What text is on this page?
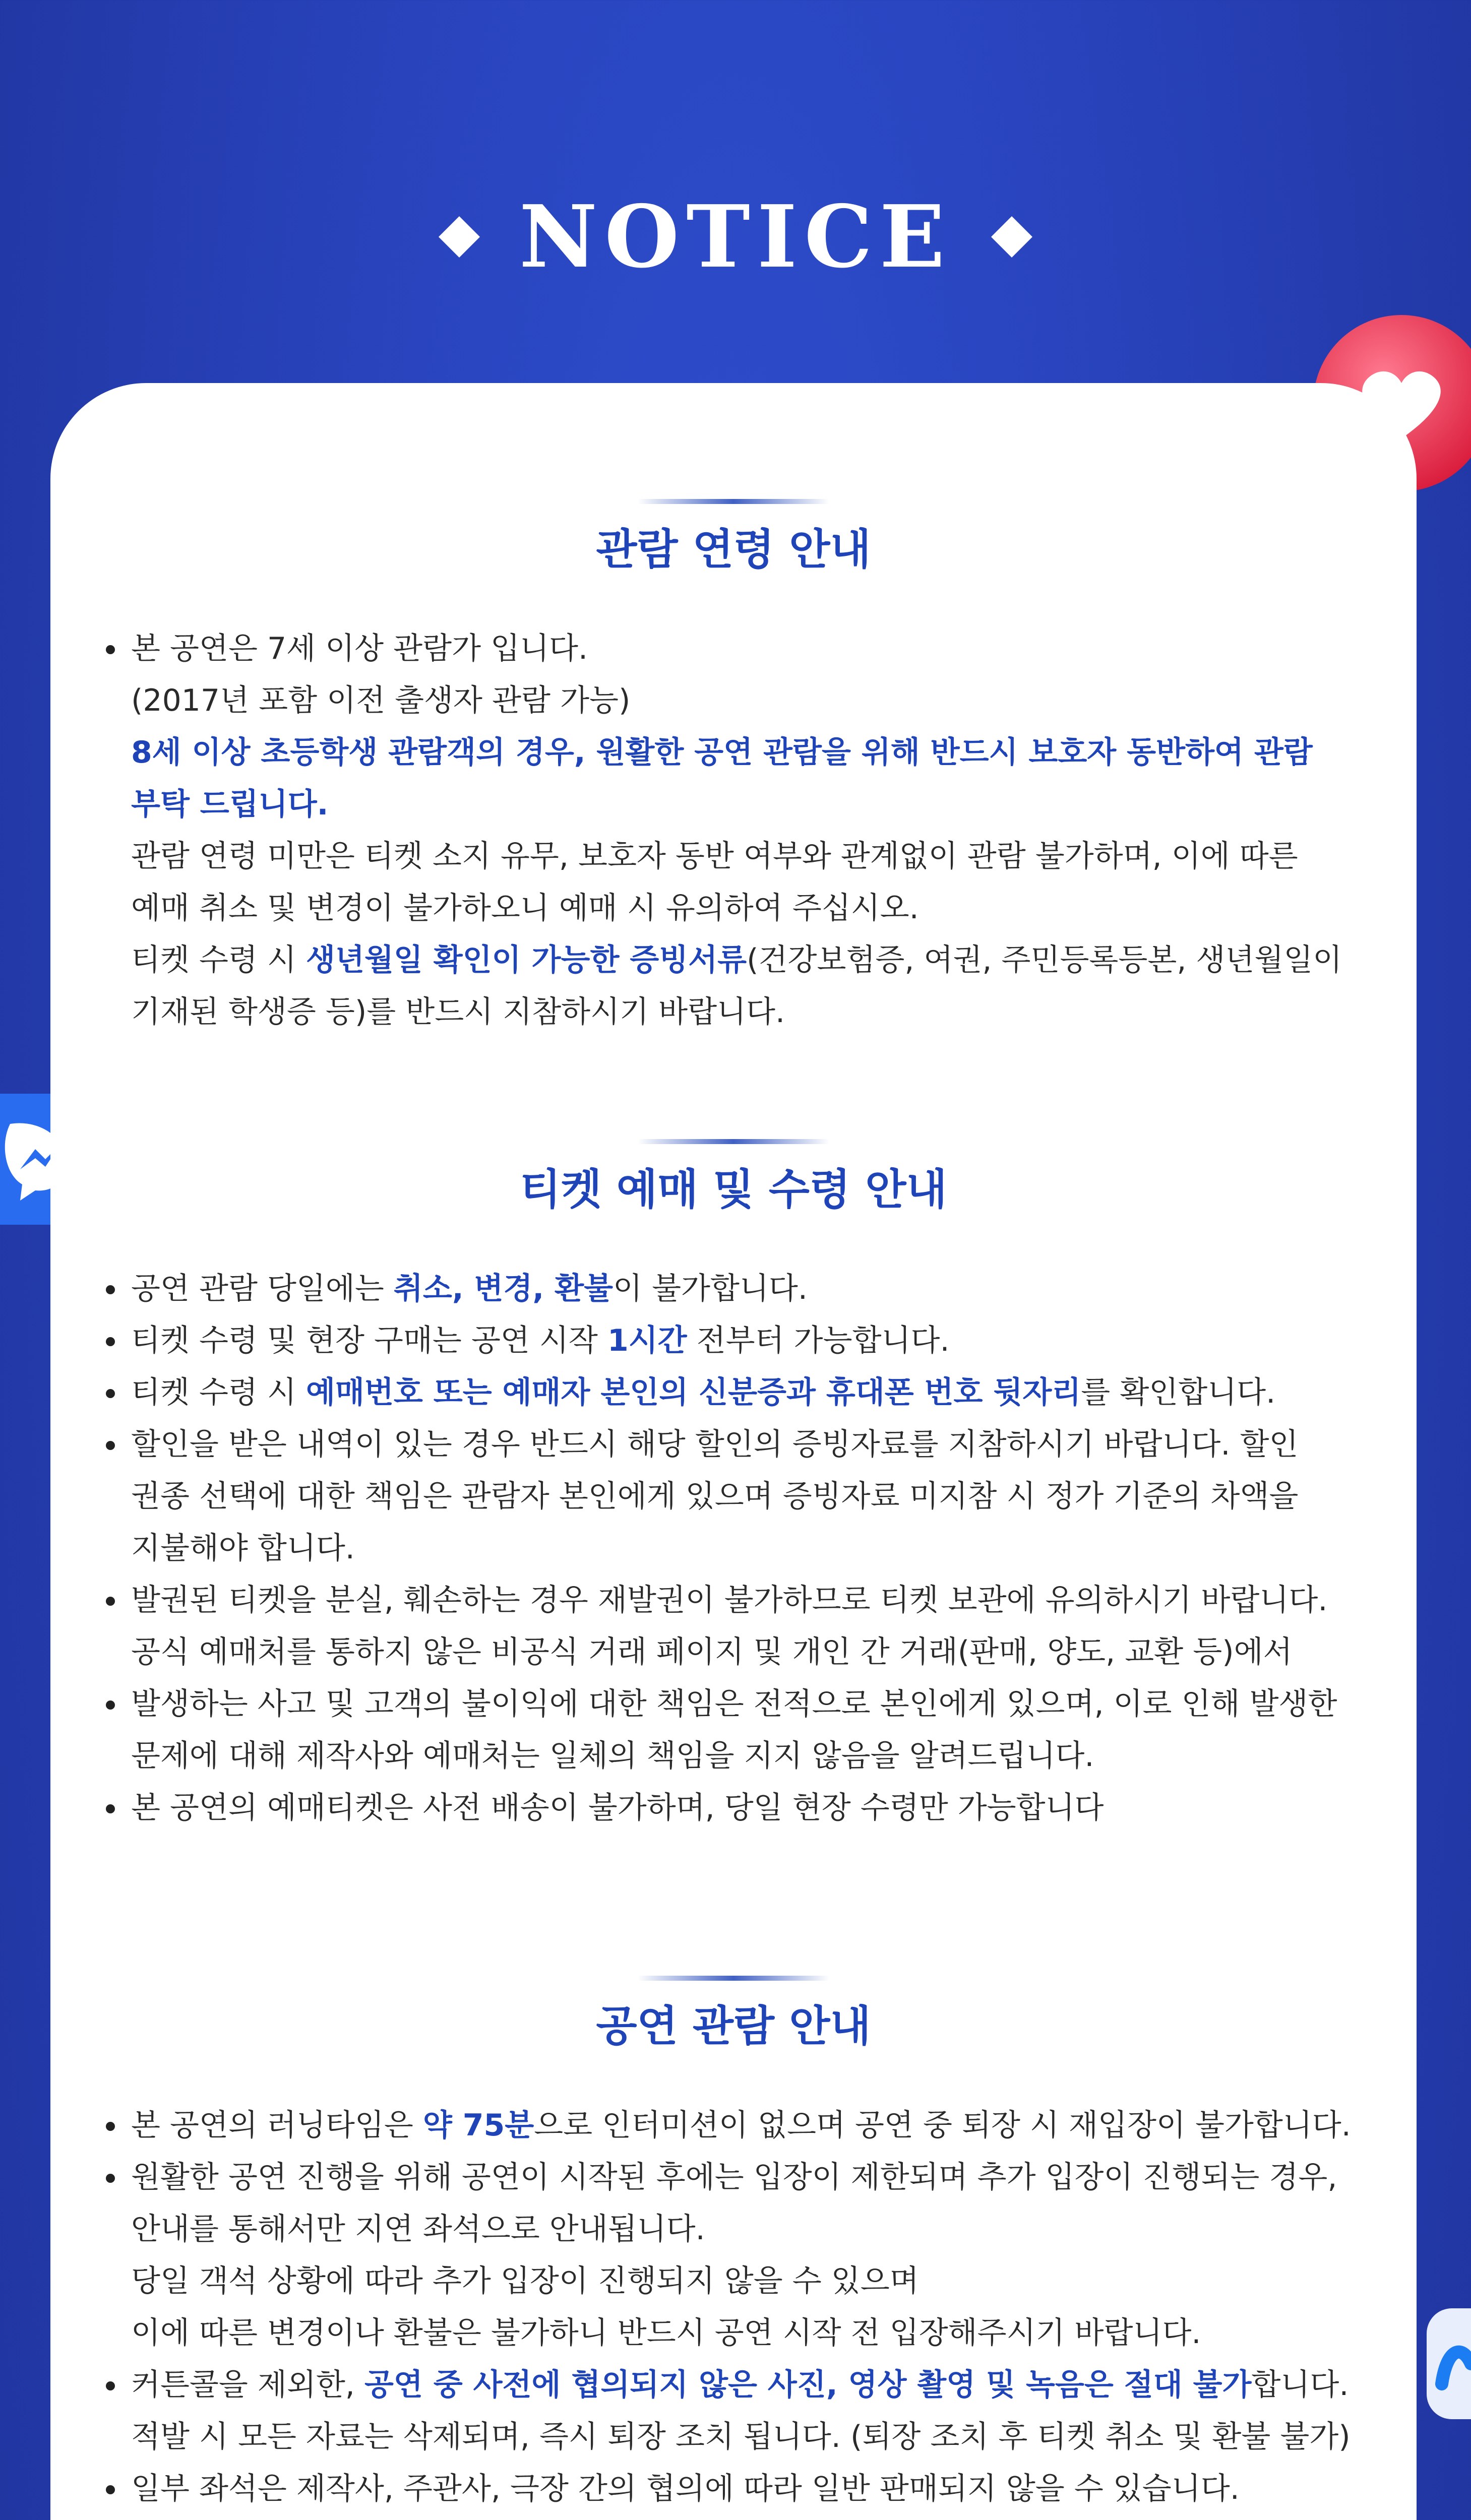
NOTICE
관람 연령 안내
본 공연은 7세 이상 관람가 입니다.
(2017년 포함 이전 출생자 관람 가능)
8세 이상 초등학생 관람객의 경우, 원활한 공연 관람을 위해 반드시 보호자 동반하여 관람
부탁 드립니다.
관람 연령 미만은 티켓 소지 유무, 보호자 동반 여부와 관계없이 관람 불가하며, 이에 따른
예매 취소 및 변경이 불가하오니 예매 시 유의하여 주십시오.
티켓 수령 시 생년월일 확인이 가능한 증빙서류(건강보험증, 여권, 주민등록등본, 생년월일이
기재된 학생증 등)를 반드시 지참하시기 바랍니다.
티켓 예매 및 수령 안내
공연 관람 당일에는 취소, 변경, 환불이 불가합니다.
티켓 수령 및 현장 구매는 공연 시작 1시간 전부터 가능합니다.
티켓 수령 시 예매번호 또는 예매자 본인의 신분증과 휴대폰 번호 뒷자리를 확인합니다.
할인을 받은 내역이 있는 경우 반드시 해당 할인의 증빙자료를 지참하시기 바랍니다. 할인
권종 선택에 대한 책임은 관람자 본인에게 있으며 증빙자료 미지참 시 정가 기준의 차액을
지불해야 합니다.
발권된 티켓을 분실, 훼손하는 경우 재발권이 불가하므로 티켓 보관에 유의하시기 바랍니다.
공식 예매처를 통하지 않은 비공식 거래 페이지 및 개인 간 거래(판매, 양도, 교환 등)에서
발생하는 사고 및 고객의 불이익에 대한 책임은 전적으로 본인에게 있으며, 이로 인해 발생한
문제에 대해 제작사와 예매처는 일체의 책임을 지지 않음을 알려드립니다.
본 공연의 예매티켓은 사전 배송이 불가하며, 당일 현장 수령만 가능합니다
공연 관람 안내
본 공연의 러닝타임은 약 75분으로 인터미션이 없으며 공연 중 퇴장 시 재입장이 불가합니다.
원활한 공연 진행을 위해 공연이 시작된 후에는 입장이 제한되며 추가 입장이 진행되는 경우,
안내를 통해서만 지연 좌석으로 안내됩니다.
당일 객석 상황에 따라 추가 입장이 진행되지 않을 수 있으며
이에 따른 변경이나 환불은 불가하니 반드시 공연 시작 전 입장해주시기 바랍니다.
커튼콜을 제외한, 공연 중 사전에 협의되지 않은 사진, 영상 촬영 및 녹음은 절대 불가합니다.
적발 시 모든 자료는 삭제되며, 즉시 퇴장 조치 됩니다. (퇴장 조치 후 티켓 취소 및 환불 불가)
일부 좌석은 제작사, 주관사, 극장 간의 협의에 따라 일반 판매되지 않을 수 있습니다.
